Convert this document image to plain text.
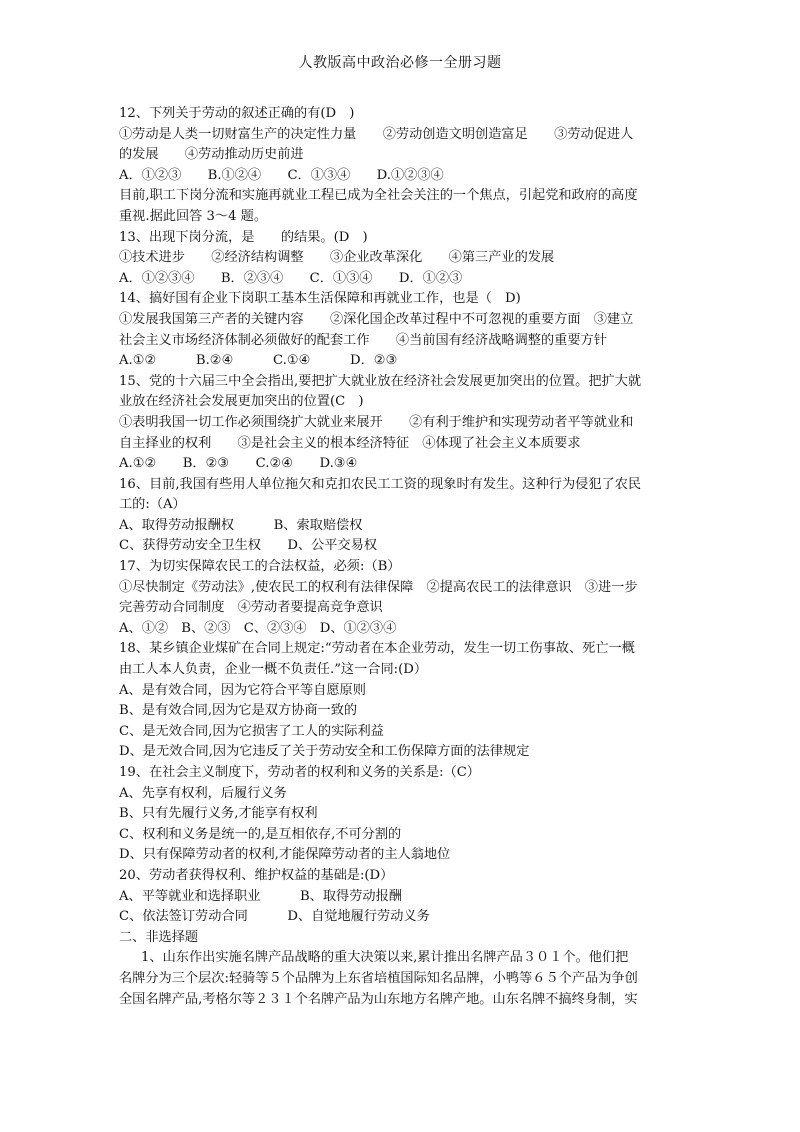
人教版高中政治必修一全册习题
12、下列关于劳动的叙述正确的有(D　)
①劳动是人类一切财富生产的决定性力量　　②劳动创造文明创造富足　　③劳动促进人
的发展　　④劳动推动历史前进
A．①②③　　B.①②④　　C．①③④　　D.①②③④
目前,职工下岗分流和实施再就业工程已成为全社会关注的一个焦点，引起党和政府的高度
重视.据此回答 3～4 题。
13、出现下岗分流，是　　的结果。(D　)
①技术进步　　②经济结构调整　　③企业改革深化　　④第三产业的发展
A．①②③④　　B．②③④　　C．①③④　　D．①②③
14、搞好国有企业下岗职工基本生活保障和再就业工作，也是（　D)
①发展我国第三产者的关键内容　　②深化国企改革过程中不可忽视的重要方面　③建立
社会主义市场经济体制必须做好的配套工作　　④当前国有经济战略调整的重要方针
A.①②　　　B.②④　　　C.①④　　　D．②③
15、党的十六届三中全会指出,要把扩大就业放在经济社会发展更加突出的位置。把扩大就
业放在经济社会发展更加突出的位置(C　)
①表明我国一切工作必须围绕扩大就业来展开　　②有利于维护和实现劳动者平等就业和
自主择业的权利　　③是社会主义的根本经济特征　④体现了社会主义本质要求
A.①②　　B．②③　　C.②④　　D.③④
16、目前,我国有些用人单位拖欠和克扣农民工工资的现象时有发生。这种行为侵犯了农民
工的:（A）
A、取得劳动报酬权　　　B、索取赔偿权
C、获得劳动安全卫生权　　D、公平交易权
17、为切实保障农民工的合法权益，必须:（B）
①尽快制定《劳动法》,使农民工的权利有法律保障　②提高农民工的法律意识　③进一步
完善劳动合同制度　④劳动者要提高竞争意识
A、①②　B、②③　C、②③④　D、①②③④
18、某乡镇企业煤矿在合同上规定:“劳动者在本企业劳动，发生一切工伤事故、死亡一概
由工人本人负责，企业一概不负责任.”这一合同:(D）
A、是有效合同，因为它符合平等自愿原则
B、是有效合同,因为它是双方协商一致的
C、是无效合同,因为它损害了工人的实际利益
D、是无效合同,因为它违反了关于劳动安全和工伤保障方面的法律规定
19、在社会主义制度下，劳动者的权利和义务的关系是:（C）
A、先享有权利，后履行义务
B、只有先履行义务,才能享有权利
C、权利和义务是统一的,是互相依存,不可分割的
D、只有保障劳动者的权利,才能保障劳动者的主人翁地位
20、劳动者获得权利、维护权益的基础是:(D）
A、平等就业和选择职业　　　B、取得劳动报酬
C、依法签订劳动合同　　　D、自觉地履行劳动义务
二、非选择题
1、山东作出实施名牌产品战略的重大决策以来,累计推出名牌产品３０１个。他们把
名牌分为三个层次:轻骑等５个品牌为上东省培植国际知名品牌，小鸭等６５个产品为争创
全国名牌产品,考格尔等２３１个名牌产品为山东地方名牌产地。山东名牌不搞终身制，实
